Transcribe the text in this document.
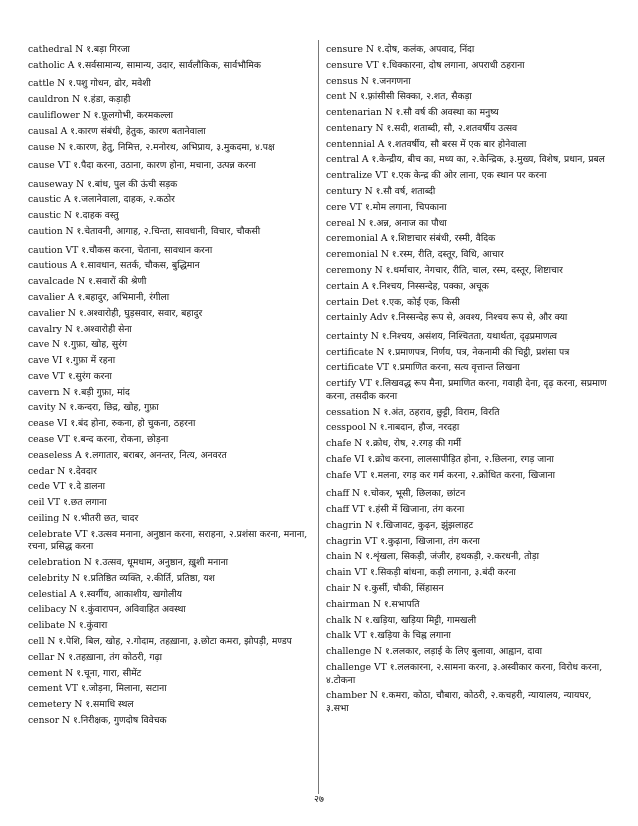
cathedral N १.बड़ा गिरजा
catholic A १.सर्वसामान्य, सामान्य, उदार, सार्वलौकिक, सार्वभौमिक
cattle N १.पशु गोधन, ढोर, मवेशी
cauldron N १.हंडा, कड़ाही
cauliflower N १.फ़ूलगोभी, करमकल्ला
causal A १.कारण संबंधी, हेतुक, कारण बतानेवाला
cause N १.कारण, हेतु, निमित्त, २.मनोरथ, अभिप्राय, ३.मुकदमा, ४.पक्ष
cause VT १.पैदा करना, उठाना, कारण होना, मचाना, उत्पन्न करना
causeway N १.बांध, पुल की ऊंची सड़क
caustic A १.जलानेवाला, दाहक, २.कठोर
caustic N १.दाहक वस्तु
caution N १.चेतावनी, आगाह, २.चिन्ता, सावधानी, विचार, चौकसी
caution VT १.चौकस करना, चेताना, सावधान करना
cautious A १.सावधान, सतर्क, चौकस, बुद्धिमान
cavalcade N १.सवारों की श्रेणी
cavalier A १.बहादुर, अभिमानी, रंगीला
cavalier N १.अश्वारोही, घुड़सवार, सवार, बहादुर
cavalry N १.अश्वारोही सेना
cave N १.गुफ़ा, खोह, सुरंग
cave VI १.गुफ़ा में रहना
cave VT १.सुरंग करना
cavern N १.बड़ी गुफ़ा, मांद
cavity N १.कन्दरा, छिद्र, खोह, गुफ़ा
cease VI १.बंद होना, रुकना, हो चुकना, ठहरना
cease VT १.बन्द करना, रोकना, छोड़ना
ceaseless A १.लगातार, बराबर, अनन्तर, नित्य, अनवरत
cedar N १.देवदार
cede VT १.दे डालना
ceil VT १.छत लगाना
ceiling N १.भीतरी छत, चादर
celebrate VT १.उत्सव मनाना, अनुष्ठान करना, सराहना, २.प्रशंसा करना, मनाना, रचना, प्रसिद्ध करना
celebration N १.उत्सव, धूमधाम, अनुष्ठान, ख़ुशी मनाना
celebrity N १.प्रतिष्ठित व्यक्ति, २.कीर्ति, प्रतिष्ठा, यश
celestial A १.स्वर्गीय, आकाशीय, खगोलीय
celibacy N १.कुंवारापन, अविवाहित अवस्था
celibate N १.कुंवारा
cell N १.पेशि, बिल, खोह, २.गोदाम, तहख़ाना, ३.छोटा कमरा, झोपड़ी, मण्डप
cellar N १.तहख़ाना, तंग कोठरी, गढ़ा
cement N १.चूना, गारा, सीमेंट
cement VT १.जोड़ना, मिलाना, सटाना
cemetery N १.समाधि स्थल
censor N १.निरीक्षक, गुणदोष विवेचक
censure N १.दोष, कलंक, अपवाद, निंदा
censure VT १.धिक्कारना, दोष लगाना, अपराधी ठहराना
census N १.जनगणना
cent N १.फ़्रांसीसी सिक्का, २.शत, सैकड़ा
centenarian N १.सौ वर्ष की अवस्था का मनुष्य
centenary N १.सदी, शताब्दी, सौ, २.शतवर्षीय उत्सव
centennial A १.शतवर्षीय, सौ बरस में एक बार होनेवाला
central A १.केन्द्रीय, बीच का, मध्य का, २.केन्द्रिक, ३.मुख्य, विशेष, प्रधान, प्रबल
centralize VT १.एक केन्द्र की ओर लाना, एक स्थान पर करना
century N १.सौ वर्ष, शताब्दी
cere VT १.मोम लगाना, चिपकाना
cereal N १.अन्न, अनाज का पौधा
ceremonial A १.शिष्टाचार संबंधी, रस्मी, वैदिक
ceremonial N १.रस्म, रीति, दस्तूर, विधि, आचार
ceremony N १.धर्माचार, नेगचार, रीति, चाल, रस्म, दस्तूर, शिष्टाचार
certain A १.निश्चय, निस्सन्देह, पक्का, अचूक
certain Det १.एक, कोई एक, किसी
certainly Adv १.निस्सन्देह रूप से, अवश्य, निश्चय रूप से, और क्या
certainty N १.निश्चय, असंशय, निश्चितता, यथार्थता, दृढ़प्रमाणत्व
certificate N १.प्रमाणपत्र, निर्णय, पत्र, नेकनामी की चिट्ठी, प्रशंसा पत्र
certificate VT १.प्रमाणित करना, सत्य वृत्तान्त लिखना
certify VT १.लिखवद्ध रूप मैना, प्रमाणित करना, गवाही देना, दृढ़ करना, सप्रमाण करना, तसदीक करना
cessation N १.अंत, ठहराव, छुट्टी, विराम, विरति
cesspool N १.नाबदान, हौज, नरदहा
chafe N १.क्रोध, रोष, २.रगड़ की गर्मी
chafe VI १.क्रोध करना, लालसापीड़ित होना, २.छिलना, रगड़ जाना
chafe VT १.मलना, रगड़ कर गर्म करना, २.क्रोधित करना, खिजाना
chaff N १.चोकर, भूसी, छिलका, छांटन
chaff VT १.हंसी में खिजाना, तंग करना
chagrin N १.खिजावट, कुढ़न, झुंझलाहट
chagrin VT १.कुढ़ाना, खिजाना, तंग करना
chain N १.शृंखला, सिकड़ी, जंजीर, हथकड़ी, २.करधनी, तोड़ा
chain VT १.सिकड़ी बांधना, कड़ी लगाना, ३.बंदी करना
chair N १.कुर्सी, चौकी, सिंहासन
chairman N १.सभापति
chalk N १.खड़िया, खड़िया मिट्टी, गामखली
chalk VT १.खड़िया के चिह्न लगाना
challenge N १.ललकार, लड़ाई के लिए बुलावा, आह्वान, दावा
challenge VT १.ललकारना, २.सामना करना, ३.अस्वीकार करना, विरोध करना, ४.टोकना
chamber N १.कमरा, कोठा, चौबारा, कोठरी, २.कचहरी, न्यायालय, न्यायघर, ३.सभा
२७
